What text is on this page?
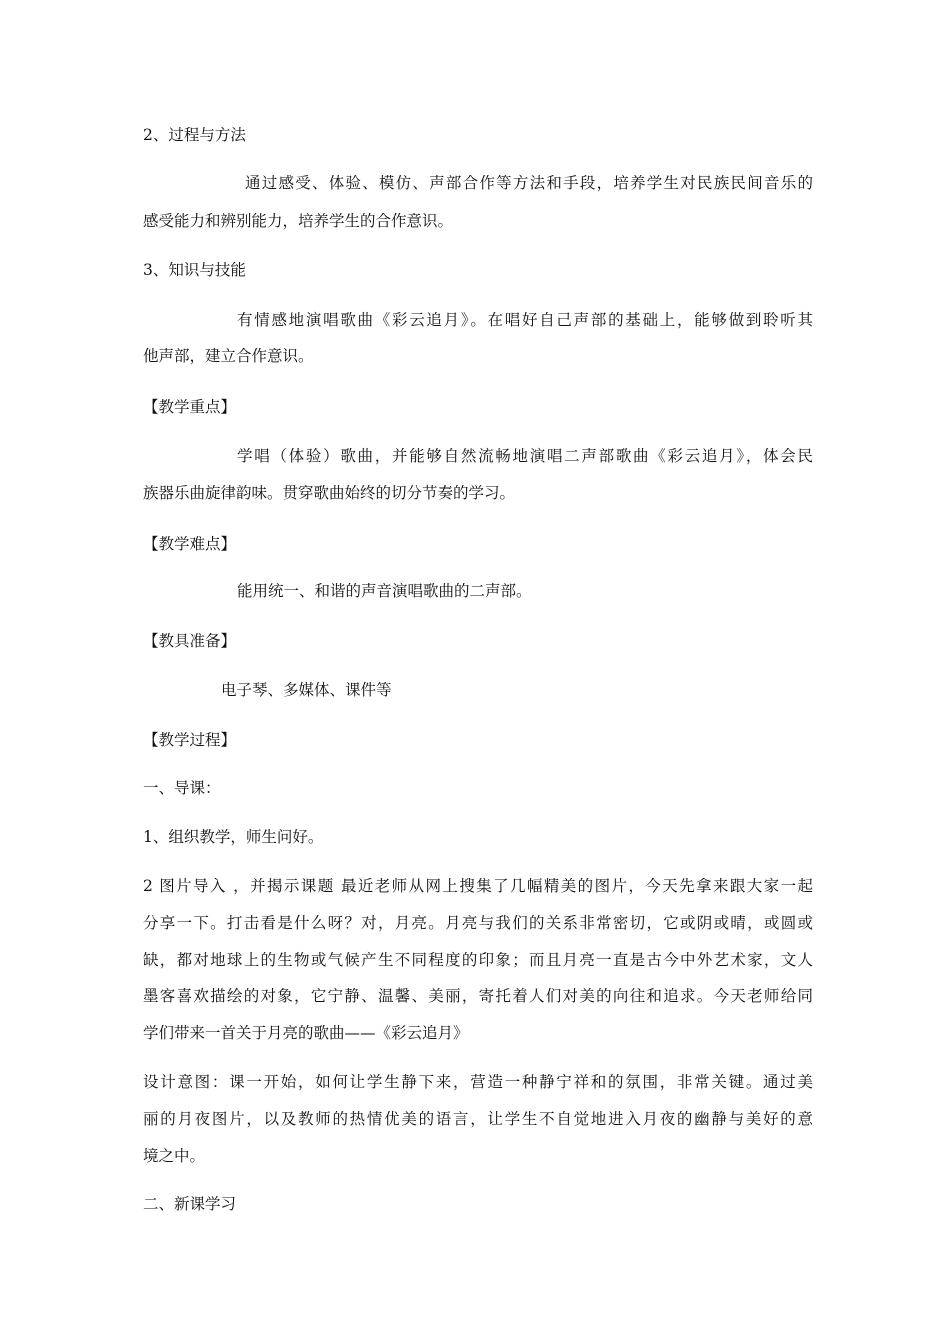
2、过程与方法
通过感受、体验、模仿、声部合作等方法和手段，培养学生对民族民间音乐的
感受能力和辨别能力，培养学生的合作意识。
3、知识与技能
有情感地演唱歌曲《彩云追月》。在唱好自己声部的基础上，能够做到聆听其
他声部，建立合作意识。
【教学重点】
学唱（体验）歌曲，并能够自然流畅地演唱二声部歌曲《彩云追月》，体会民
族器乐曲旋律韵味。贯穿歌曲始终的切分节奏的学习。
【教学难点】
能用统一、和谐的声音演唱歌曲的二声部。
【教具准备】
电子琴、多媒体、课件等
【教学过程】
一、导课：
1、组织教学，师生问好。
2 图片导入 ，并揭示课题 最近老师从网上搜集了几幅精美的图片，今天先拿来跟大家一起
分享一下。打击看是什么呀？对，月亮。月亮与我们的关系非常密切，它或阴或晴，或圆或
缺，都对地球上的生物或气候产生不同程度的印象；而且月亮一直是古今中外艺术家，文人
墨客喜欢描绘的对象，它宁静、温馨、美丽，寄托着人们对美的向往和追求。今天老师给同
学们带来一首关于月亮的歌曲——《彩云追月》
设计意图：课一开始，如何让学生静下来，营造一种静宁祥和的氛围，非常关键。通过美
丽的月夜图片，以及教师的热情优美的语言，让学生不自觉地进入月夜的幽静与美好的意
境之中。
二、新课学习
